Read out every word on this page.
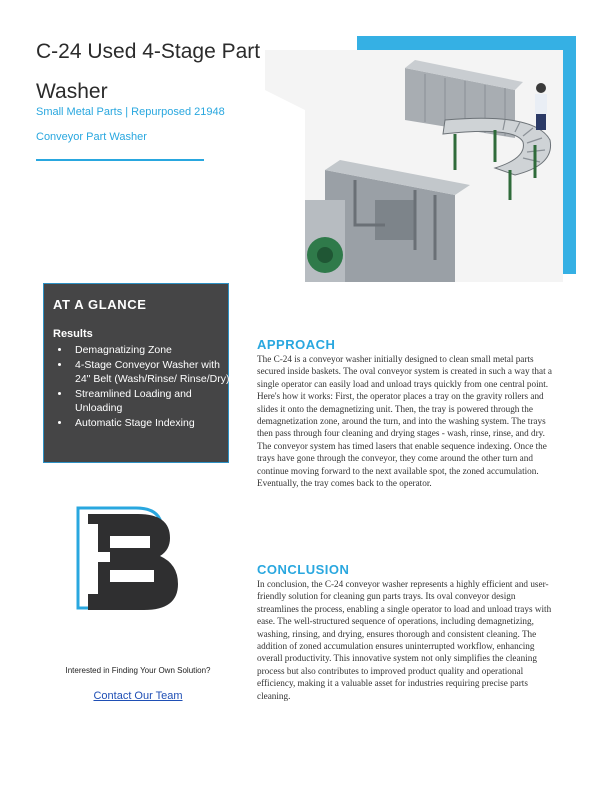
C-24 Used 4-Stage Part Washer
Small Metal Parts | Repurposed 21948 Conveyor Part Washer
AT A GLANCE
Results
• Demagnatizing Zone
• 4-Stage Conveyor Washer with 24" Belt (Wash/Rinse/ Rinse/Dry)
• Streamlined Loading and Unloading
• Automatic Stage Indexing
Interested in Finding Your Own Solution?
Contact Our Team
APPROACH

The C-24 is a conveyor washer initially designed to clean small metal parts secured inside baskets. The oval conveyor system is created in such a way that a single operator can easily load and unload trays quickly from one central point. Here's how it works: First, the operator places a tray on the gravity rollers and slides it onto the demagnetizing unit. Then, the tray is powered through the demagnetization zone, around the turn, and into the washing system. The trays then pass through four cleaning and drying stages - wash, rinse, rinse, and dry. The conveyor system has timed lasers that enable sequence indexing. Once the trays have gone through the conveyor, they come around the other turn and continue moving forward to the next available spot, the zoned accumulation. Eventually, the tray comes back to the operator.

CONCLUSION

In conclusion, the C-24 conveyor washer represents a highly efficient and user-friendly solution for cleaning gun parts trays. Its oval conveyor design streamlines the process, enabling a single operator to load and unload trays with ease. The well-structured sequence of operations, including demagnetizing, washing, rinsing, and drying, ensures thorough and consistent cleaning. The addition of zoned accumulation ensures uninterrupted workflow, enhancing overall productivity. This innovative system not only simplifies the cleaning process but also contributes to improved product quality and operational efficiency, making it a valuable asset for industries requiring precise parts cleaning.
